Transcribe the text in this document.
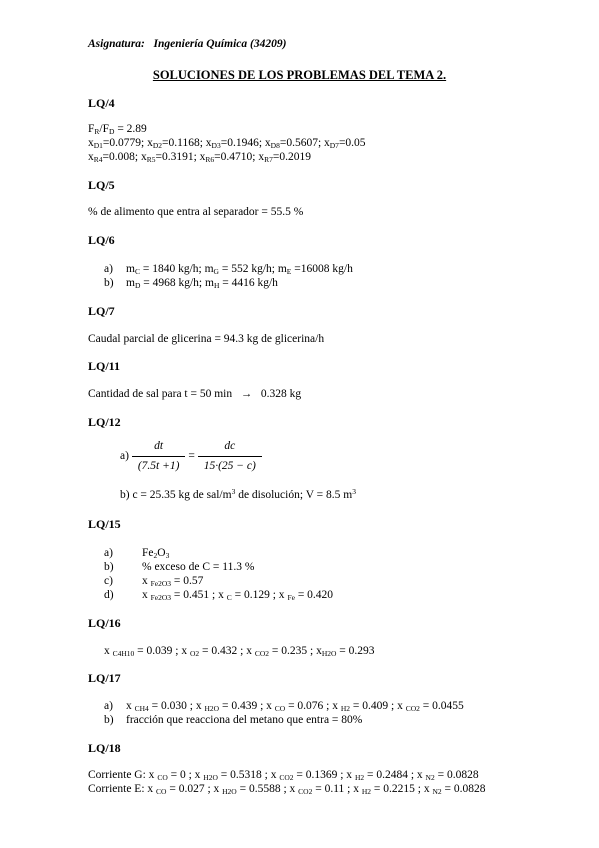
Asignatura: Ingeniería Química (34209)
SOLUCIONES DE LOS PROBLEMAS DEL TEMA 2.
LQ/4
$F_R/F_D = 2.89$
$x_{D1}=0.0779$; $x_{D2}=0.1168$; $x_{D3}=0.1946$; $x_{D8}=0.5607$; $x_{D7}=0.05$
$x_{R4}=0.008$; $x_{R5}=0.3191$; $x_{R6}=0.4710$; $x_{R7}=0.2019$
LQ/5
% de alimento que entra al separador = 55.5 %
LQ/6
a) $m_C = 1840$ kg/h; $m_G = 552$ kg/h; $m_E =16008$ kg/h
b) $m_D = 4968$ kg/h; $m_H = 4416$ kg/h
LQ/7
Caudal parcial de glicerina = 94.3 kg de glicerina/h
LQ/11
Cantidad de sal para t = 50 min → 0.328 kg
LQ/12
$a) \frac{dt}{(7.5t +1)} = \frac{dc}{15\cdot(25 - c)}$
b) c = 25.35 kg de sal/$m^3$ de disolución; V = 8.5 $m^3$
LQ/15
a)	$Fe_2O_3$
b) % exceso de C = 11.3 %
c)	x $_{Fe2O3}$ = 0.57
d) x $_{Fe2O3}$ = 0.451 ; x $_C$ = 0.129 ; x $_{Fe}$ = 0.420
LQ/16
x $_{C4H10}$ = 0.039 ; x $_{O2}$ = 0.432 ; x $_{CO2}$ = 0.235 ; $x_{H2O} = 0.293$
LQ/17
a) x $_{CH4}$ = 0.030 ; x $_{H2O}$ = 0.439 ; x $_{CO}$ = 0.076 ; x $_{H2}$ = 0.409 ; x $_{CO2}$ = 0.0455
b) fracción que reacciona del metano que entra = 80%
LQ/18
Corriente G: x $_{CO}$ = 0 ; x $_{H2O}$ = 0.5318 ; x $_{CO2}$ = 0.1369 ; x $_{H2}$ = 0.2484 ; x $_{N2}$ = 0.0828
Corriente E: x $_{CO}$ = 0.027 ; x $_{H2O}$ = 0.5588 ; x $_{CO2}$ = 0.11 ; x $_{H2}$ = 0.2215 ; x $_{N2}$ = 0.0828
